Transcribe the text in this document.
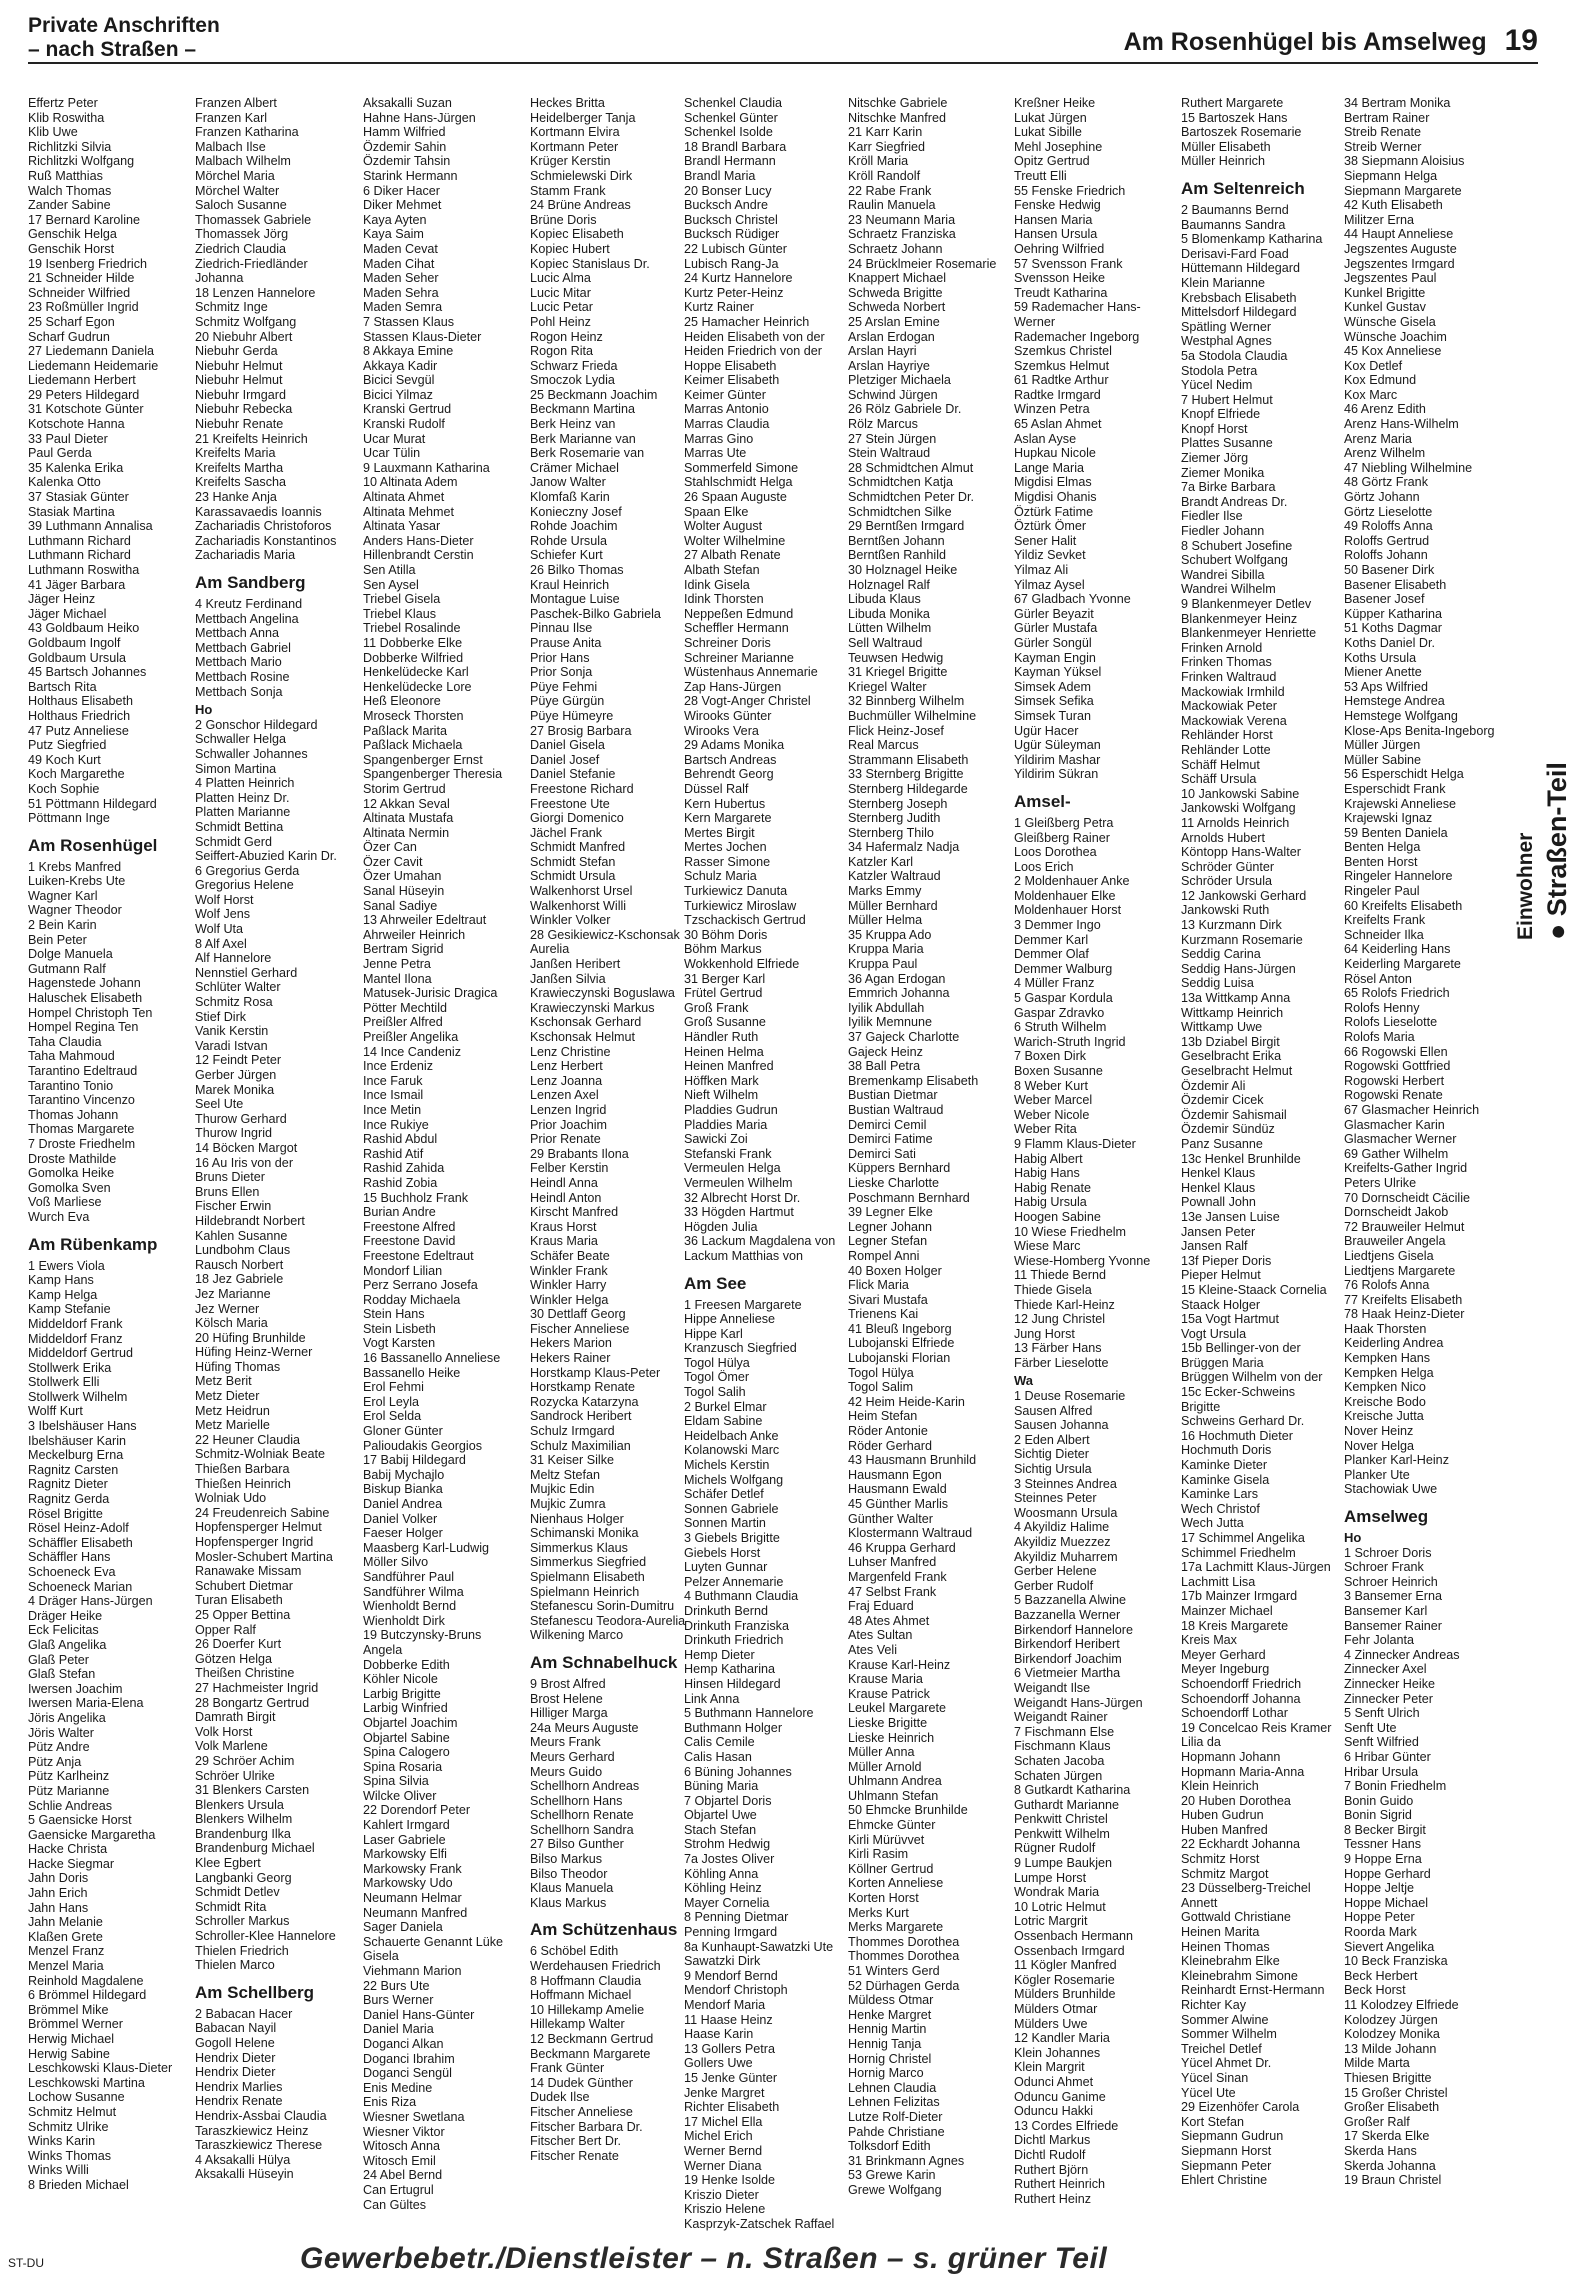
Private Anschriften
– nach Straßen –	Am Rosenhügel bis Amselweg 19
Effertz Peter
Klib Roswitha
Klib Uwe
Richlitzki Silvia
Richlitzki Wolfgang
Ruß Matthias
Walch Thomas
Zander Sabine
17 Bernard Karoline
Genschik Helga
Genschik Horst
19 Isenberg Friedrich
21 Schneider Hilde
Schneider Wilfried
23 Roßmüller Ingrid
25 Scharf Egon
Scharf Gudrun
27 Liedemann Daniela
Liedemann Heidemarie
Liedemann Herbert
29 Peters Hildegard
31 Kotschote Günter
Kotschote Hanna
33 Paul Dieter
Paul Gerda
35 Kalenka Erika
Kalenka Otto
37 Stasiak Günter
Stasiak Martina
39 Luthmann Annalisa
Luthmann Richard
Luthmann Richard
Luthmann Roswitha
41 Jäger Barbara
Jäger Heinz
Jäger Michael
43 Goldbaum Heiko
Goldbaum Ingolf
Goldbaum Ursula
45 Bartsch Johannes
Bartsch Rita
Holthaus Elisabeth
Holthaus Friedrich
47 Putz Anneliese
Putz Siegfried
49 Koch Kurt
Koch Margarethe
Koch Sophie
51 Pöttmann Hildegard
Pöttmann Inge
Am Rosenhügel
1 Krebs Manfred
Luiken-Krebs Ute
Wagner Karl
Wagner Theodor
2 Bein Karin
Bein Peter
Dolge Manuela
Gutmann Ralf
Hagenstede Johann
Haluschek Elisabeth
Hompel Christoph Ten
Hompel Regina Ten
Taha Claudia
Taha Mahmoud
Tarantino Edeltraud
Tarantino Tonio
Tarantino Vincenzo
Thomas Johann
Thomas Margarete
7 Droste Friedhelm
Droste Mathilde
Gomolka Heike
Gomolka Sven
Voß Marliese
Wurch Eva
Am Rübenkamp
1 Ewers Viola
Kamp Hans
Kamp Helga
Kamp Stefanie
Middeldorf Frank
Middeldorf Franz
Middeldorf Gertrud
Stollwerk Erika
Stollwerk Elli
Stollwerk Wilhelm
Wolff Kurt
3 Ibelshäuser Hans
Ibelshäuser Karin
Meckelburg Erna
Ragnitz Carsten
Ragnitz Dieter
Ragnitz Gerda
Rösel Brigitte
Rösel Heinz-Adolf
Schäffler Elisabeth
Schäffler Hans
Schoeneck Eva
Schoeneck Marian
4 Dräger Hans-Jürgen
Dräger Heike
Eck Felicitas
Glaß Angelika
Glaß Peter
Glaß Stefan
Iwersen Joachim
Iwersen Maria-Elena
Jöris Angelika
Jöris Walter
Pütz Andre
Pütz Anja
Pütz Karlheinz
Pütz Marianne
Schlie Andreas
5 Gaensicke Horst
Gaensicke Margaretha
Hacke Christa
Hacke Siegmar
Jahn Doris
Jahn Erich
Jahn Hans
Jahn Melanie
Klaßen Grete
Menzel Franz
Menzel Maria
Reinhold Magdalene
6 Brömmel Hildegard
Brömmel Mike
Brömmel Werner
Herwig Michael
Herwig Sabine
Leschkowski Klaus-Dieter
Leschkowski Martina
Lochow Susanne
Schmitz Helmut
Schmitz Ulrike
Winks Karin
Winks Thomas
Winks Willi
8 Brieden Michael
Franzen Albert
Franzen Karl
Franzen Katharina
Malbach Ilse
Malbach Wilhelm
Mörchel Maria
Mörchel Walter
Saloch Susanne
Thomassek Gabriele
Thomassek Jörg
Ziedrich Claudia
Ziedrich-Friedländer
Johanna
18 Lenzen Hannelore
Schmitz Inge
Schmitz Wolfgang
20 Niebuhr Albert
Niebuhr Gerda
Niebuhr Helmut
Niebuhr Helmut
Niebuhr Irmgard
Niebuhr Rebecka
Niebuhr Renate
21 Kreifelts Heinrich
Kreifelts Maria
Kreifelts Martha
Kreifelts Sascha
23 Hanke Anja
Karassavaedis Ioannis
Zachariadis Christoforos
Zachariadis Konstantinos
Zachariadis Maria
Am Sandberg
4 Kreutz Ferdinand
Mettbach Angelina
Mettbach Anna
Mettbach Gabriel
Mettbach Mario
Mettbach Rosine
Mettbach Sonja
Ho
2 Gonschor Hildegard
Schwaller Helga
Schwaller Johannes
Simon Martina
4 Platten Heinrich
Platten Heinz Dr.
Platten Marianne
Schmidt Bettina
Schmidt Gerd
Seiffert-Abuzied Karin Dr.
6 Gregorius Gerda
Gregorius Helene
Wolf Horst
Wolf Jens
Wolf Uta
8 Alf Axel
Alf Hannelore
Nennstiel Gerhard
Schlüter Walter
Schmitz Rosa
Stief Dirk
Vanik Kerstin
Varadi Istvan
12 Feindt Peter
Gerber Jürgen
Marek Monika
Seel Ute
Thurow Gerhard
Thurow Ingrid
14 Böcken Margot
16 Au Iris von der
Bruns Dieter
Bruns Ellen
Fischer Erwin
Hildebrandt Norbert
Kahlen Susanne
Lundbohm Claus
Rausch Norbert
18 Jez Gabriele
Jez Marianne
Jez Werner
Kölsch Maria
20 Hüfing Brunhilde
Hüfing Heinz-Werner
Hüfing Thomas
Metz Berit
Metz Dieter
Metz Heidrun
Metz Marielle
22 Heuner Claudia
Schmitz-Wolniak Beate
Thießen Barbara
Thießen Heinrich
Wolniak Udo
24 Freudenreich Sabine
Hopfensperger Helmut
Hopfensperger Ingrid
Mosler-Schubert Martina
Ranawake Missam
Schubert Dietmar
Turan Elisabeth
25 Opper Bettina
Opper Ralf
26 Doerfer Kurt
Götzen Helga
Theißen Christine
27 Hachmeister Ingrid
28 Bongartz Gertrud
Damrath Birgit
Volk Horst
Volk Marlene
29 Schröer Achim
Schröer Ulrike
31 Blenkers Carsten
Blenkers Ursula
Blenkers Wilhelm
Brandenburg Ilka
Brandenburg Michael
Klee Egbert
Langbanki Georg
Schmidt Detlev
Schmidt Rita
Schroller Markus
Schroller-Klee Hannelore
Thielen Friedrich
Thielen Marco
Am Schellberg
2 Babacan Hacer
Babacan Nayil
Gogoll Helene
Hendrix Dieter
Hendrix Dieter
Hendrix Marlies
Hendrix Renate
Hendrix-Assbai Claudia
Taraszkiewicz Heinz
Taraszkiewicz Therese
4 Aksakalli Hülya
Aksakalli Hüseyin
Aksakalli Suzan
Hahne Hans-Jürgen
Hamm Wilfried
Özdemir Sahin
Özdemir Tahsin
Starink Hermann
6 Diker Hacer
Diker Mehmet
Kaya Ayten
Kaya Saim
Maden Cevat
Maden Cihat
Maden Seher
Maden Sehra
Maden Semra
7 Stassen Klaus
Stassen Klaus-Dieter
8 Akkaya Emine
Akkaya Kadir
Bicici Sevgül
Bicici Yilmaz
Kranski Gertrud
Kranski Rudolf
Ucar Murat
Ucar Tülin
9 Lauxmann Katharina
10 Altinata Adem
Altinata Ahmet
Altinata Mehmet
Altinata Yasar
Anders Hans-Dieter
Hillenbrandt Cerstin
Sen Atilla
Sen Aysel
Triebel Gisela
Triebel Klaus
Triebel Rosalinde
11 Dobberke Elke
Dobberke Wilfried
Henkelüdecke Karl
Henkelüdecke Lore
Heß Eleonore
Mroseck Thorsten
Paßlack Marita
Paßlack Michaela
Spangenberger Ernst
Spangenberger Theresia
Storim Gertrud
12 Akkan Seval
Altinata Mustafa
Altinata Nermin
Özer Can
Özer Cavit
Özer Umahan
Sanal Hüseyin
Sanal Sadiye
13 Ahrweiler Edeltraut
Ahrweiler Heinrich
Bertram Sigrid
Jenne Petra
Mantel Ilona
Matusek-Jurisic Dragica
Pötter Mechtild
Preißler Alfred
Preißler Angelika
14 Ince Candeniz
Ince Erdeniz
Ince Faruk
Ince Ismail
Ince Metin
Ince Rukiye
Rashid Abdul
Rashid Atif
Rashid Zahida
Rashid Zobia
15 Buchholz Frank
Burian Andre
Freestone Alfred
Freestone David
Freestone Edeltraut
Mondorf Lilian
Perz Serrano Josefa
Rodday Michaela
Stein Hans
Stein Lisbeth
Vogt Karsten
16 Bassanello Anneliese
Bassanello Heike
Erol Fehmi
Erol Leyla
Erol Selda
Gloner Günter
Palioudakis Georgios
17 Babij Hildegard
Babij Mychajlo
Biskup Bianka
Daniel Andrea
Daniel Volker
Faeser Holger
Maasberg Karl-Ludwig
Möller Silvo
Sandführer Paul
Sandführer Wilma
Wienholdt Bernd
Wienholdt Dirk
19 Butczynsky-Bruns
Angela
Dobberke Edith
Köhler Nicole
Larbig Brigitte
Larbig Winfried
Objartel Joachim
Objartel Sabine
Spina Calogero
Spina Rosaria
Spina Silvia
Wilcke Oliver
22 Dorendorf Peter
Kahlert Irmgard
Laser Gabriele
Markowsky Elfi
Markowsky Frank
Markowsky Udo
Neumann Helmar
Neumann Manfred
Sager Daniela
Schauerte Genannt Lüke
Gisela
Viehmann Marion
22 Burs Ute
Burs Werner
Daniel Hans-Günter
Daniel Maria
Doganci Alkan
Doganci Ibrahim
Doganci Sengül
Enis Medine
Enis Riza
Wiesner Swetlana
Wiesner Viktor
Witosch Anna
Witosch Emil
24 Abel Bernd
Can Ertugrul
Can Gültes
Heckes Britta
Heidelberger Tanja
Kortmann Elvira
Kortmann Peter
Krüger Kerstin
Schmielewski Dirk
Stamm Frank
24 Brüne Andreas
Brüne Doris
Kopiec Elisabeth
Kopiec Hubert
Kopiec Stanislaus Dr.
Lucic Alma
Lucic Mitar
Lucic Petar
Pohl Heinz
Rogon Heinz
Rogon Rita
Schwarz Frieda
Smoczok Lydia
25 Beckmann Joachim
Beckmann Martina
Berk Heinz van
Berk Marianne van
Berk Rosemarie van
Crämer Michael
Janow Walter
Klomfaß Karin
Konieczny Josef
Rohde Joachim
Rohde Ursula
Schiefer Kurt
26 Bilko Thomas
Kraul Heinrich
Montague Luise
Paschek-Bilko Gabriela
Pinnau Ilse
Prause Anita
Prior Hans
Prior Sonja
Püye Fehmi
Püye Gürgün
Püye Hümeyre
27 Brosig Barbara
Daniel Gisela
Daniel Josef
Daniel Stefanie
Freestone Richard
Freestone Ute
Giorgi Domenico
Jächel Frank
Schmidt Manfred
Schmidt Stefan
Schmidt Ursula
Walkenhorst Ursel
Walkenhorst Willi
Winkler Volker
28 Gesikiewicz-Kschonsak
Aurelia
Janßen Heribert
Janßen Silvia
Krawieczynski Boguslawa
Krawieczynski Markus
Kschonsak Gerhard
Kschonsak Helmut
Lenz Christine
Lenz Herbert
Lenz Joanna
Lenzen Axel
Lenzen Ingrid
Prior Joachim
Prior Renate
29 Brabants Ilona
Felber Kerstin
Heindl Anna
Heindl Anton
Kirscht Manfred
Kraus Horst
Kraus Maria
Schäfer Beate
Winkler Frank
Winkler Harry
Winkler Helga
30 Dettlaff Georg
Fischer Anneliese
Hekers Marion
Hekers Rainer
Horstkamp Klaus-Peter
Horstkamp Renate
Rozycka Katarzyna
Sandrock Heribert
Schulz Irmgard
Schulz Maximilian
31 Keiser Silke
Meltz Stefan
Mujkic Edin
Mujkic Zumra
Nienhaus Holger
Schimanski Monika
Simmerkus Klaus
Simmerkus Siegfried
Spielmann Elisabeth
Spielmann Heinrich
Stefanescu Sorin-Dumitru
Stefanescu Teodora-Aurelia
Wilkening Marco
Am Schnabelhuck
9 Brost Alfred
Brost Helene
Hilliger Marga
24a Meurs Auguste
Meurs Frank
Meurs Gerhard
Meurs Guido
Schellhorn Andreas
Schellhorn Hans
Schellhorn Renate
Schellhorn Sandra
27 Bilso Gunther
Bilso Markus
Bilso Theodor
Klaus Manuela
Klaus Markus
Am Schützenhaus
6 Schöbel Edith
Werdehausen Friedrich
8 Hoffmann Claudia
Hoffmann Michael
10 Hillekamp Amelie
Hillekamp Walter
12 Beckmann Gertrud
Beckmann Margarete
Frank Günter
14 Dudek Günther
Dudek Ilse
Fitscher Anneliese
Fitscher Barbara Dr.
Fitscher Bert Dr.
Fitscher Renate
Schenkel Claudia
Schenkel Günter
Schenkel Isolde
18 Brandl Barbara
Brandl Hermann
Brandl Maria
20 Bonser Lucy
Bucksch Andre
Bucksch Christel
Bucksch Rüdiger
22 Lubisch Günter
Lubisch Rang-Ja
24 Kurtz Hannelore
Kurtz Peter-Heinz
Kurtz Rainer
25 Hamacher Heinrich
Heiden Elisabeth von der
Heiden Friedrich von der
Hoppe Elisabeth
Keimer Elisabeth
Keimer Günter
Marras Antonio
Marras Claudia
Marras Gino
Marras Ute
Sommerfeld Simone
Stahlschmidt Helga
26 Spaan Auguste
Spaan Elke
Wolter August
Wolter Wilhelmine
27 Albath Renate
Albath Stefan
Idink Gisela
Idink Thorsten
Neppeßen Edmund
Scheffler Hermann
Schreiner Doris
Schreiner Marianne
Wüstenhaus Annemarie
Zap Hans-Jürgen
28 Vogt-Anger Christel
Wirooks Günter
Wirooks Vera
29 Adams Monika
Bartsch Andreas
Behrendt Georg
Düssel Ralf
Kern Hubertus
Kern Margarete
Mertes Birgit
Mertes Jochen
Rasser Simone
Schulz Maria
Turkiewicz Danuta
Turkiewicz Miroslaw
Tzschackisch Gertrud
30 Böhm Doris
Böhm Markus
Wokkenhold Elfriede
31 Berger Karl
Frütel Gertrud
Groß Frank
Groß Susanne
Händler Ruth
Heinen Helma
Heinen Manfred
Höffken Mark
Nieft Wilhelm
Pladdies Gudrun
Pladdies Maria
Sawicki Zoi
Stefanski Frank
Vermeulen Helga
Vermeulen Wilhelm
32 Albrecht Horst Dr.
33 Högden Hartmut
Högden Julia
36 Lackum Magdalena von
Lackum Matthias von
Am See
1 Freesen Margarete
Hippe Anneliese
Hippe Karl
Kranzusch Siegfried
Togol Hülya
Togol Ömer
Togol Salih
2 Burkel Elmar
Eldam Sabine
Heidelbach Anke
Kolanowski Marc
Michels Kerstin
Michels Wolfgang
Schäfer Detlef
Sonnen Gabriele
Sonnen Martin
3 Giebels Brigitte
Giebels Horst
Luyten Gunnar
Pelzer Annemarie
4 Buthmann Claudia
Drinkuth Bernd
Drinkuth Franziska
Drinkuth Friedrich
Hemp Dieter
Hemp Katharina
Hinsen Hildegard
Link Anna
5 Buthmann Hannelore
Buthmann Holger
Calis Cemile
Calis Hasan
6 Büning Johannes
Büning Maria
7 Objartel Doris
Objartel Uwe
Stach Stefan
Strohm Hedwig
7a Jostes Oliver
Köhling Anna
Köhling Heinz
Mayer Cornelia
8 Penning Dietmar
Penning Irmgard
8a Kunhaupt-Sawatzki Ute
Sawatzki Dirk
9 Mendorf Bernd
Mendorf Christoph
Mendorf Maria
11 Haase Heinz
Haase Karin
13 Gollers Petra
Gollers Uwe
15 Jenke Günter
Jenke Margret
Richter Elisabeth
17 Michel Ella
Michel Erich
Werner Bernd
Werner Diana
19 Henke Isolde
Kriszio Dieter
Kriszio Helene
Kasprzyk-Zatschek Raffael
Nitschke Gabriele
Nitschke Manfred
21 Karr Karin
Karr Siegfried
Kröll Maria
Kröll Randolf
22 Rabe Frank
Raulin Manuela
23 Neumann Maria
Schraetz Franziska
Schraetz Johann
24 Brücklmeier Rosemarie
Knappert Michael
Schweda Brigitte
Schweda Norbert
25 Arslan Emine
Arslan Erdogan
Arslan Hayri
Arslan Hayriye
Pletziger Michaela
Schwind Jürgen
26 Rölz Gabriele Dr.
Rölz Marcus
27 Stein Jürgen
Stein Waltraud
28 Schmidtchen Almut
Schmidtchen Katja
Schmidtchen Peter Dr.
Schmidtchen Silke
29 Berntßen Irmgard
Berntßen Johann
Berntßen Ranhild
30 Holznagel Heike
Holznagel Ralf
Libuda Klaus
Libuda Monika
Lütten Wilhelm
Sell Waltraud
Teuwsen Hedwig
31 Kriegel Brigitte
Kriegel Walter
32 Binnberg Wilhelm
Buchmüller Wilhelmine
Flick Heinz-Josef
Real Marcus
Strammann Elisabeth
33 Sternberg Brigitte
Sternberg Hildegarde
Sternberg Joseph
Sternberg Judith
Sternberg Thilo
34 Hafermalz Nadja
Katzler Karl
Katzler Waltraud
Marks Emmy
Müller Bernhard
Müller Helma
35 Kruppa Ado
Kruppa Maria
Kruppa Paul
36 Agan Erdogan
Emmrich Johanna
Iyilik Abdullah
Iyilik Memnune
37 Gajeck Charlotte
Gajeck Heinz
38 Ball Petra
Bremenkamp Elisabeth
Bustian Dietmar
Bustian Waltraud
Demirci Cemil
Demirci Fatime
Demirci Sati
Küppers Bernhard
Lieske Charlotte
Poschmann Bernhard
39 Legner Elke
Legner Johann
Legner Stefan
Rompel Anni
40 Boxen Holger
Flick Maria
Sivari Mustafa
Trienens Kai
41 Bleuß Ingeborg
Lubojanski Elfriede
Lubojanski Florian
Togol Hülya
Togol Salim
42 Heim Heide-Karin
Heim Stefan
Röder Antonie
Röder Gerhard
43 Hausmann Brunhild
Hausmann Egon
Hausmann Ewald
45 Günther Marlis
Günther Walter
Klostermann Waltraud
46 Kruppa Gerhard
Luhser Manfred
Margenfeld Frank
47 Selbst Frank
Fraj Eduard
48 Ates Ahmet
Ates Sultan
Ates Veli
Krause Karl-Heinz
Krause Maria
Krause Patrick
Leukel Margarete
Lieske Brigitte
Lieske Heinrich
Müller Anna
Müller Arnold
Uhlmann Andrea
Uhlmann Stefan
50 Ehmcke Brunhilde
Ehmcke Günter
Kirli Mürüvvet
Kirli Rasim
Köllner Gertrud
Korten Anneliese
Korten Horst
Merks Kurt
Merks Margarete
Thommes Dorothea
Thommes Dorothea
51 Winters Gerd
52 Dürhagen Gerda
Müldess Otmar
Henke Margret
Hennig Martin
Hennig Tanja
Hornig Christel
Hornig Marco
Lehnen Claudia
Lehnen Felizitas
Lutze Rolf-Dieter
Pahde Christiane
Tolksdorf Edith
31 Brinkmann Agnes
53 Grewe Karin
Grewe Wolfgang
Kreßner Heike
Lukat Jürgen
Lukat Sibille
Mehl Josephine
Opitz Gertrud
Treutt Elli
55 Fenske Friedrich
Fenske Hedwig
Hansen Maria
Hansen Ursula
Oehring Wilfried
57 Svensson Frank
Svensson Heike
Treudt Katharina
59 Rademacher Hans-
Werner
Rademacher Ingeborg
Szemkus Christel
Szemkus Helmut
61 Radtke Arthur
Radtke Irmgard
Winzen Petra
65 Aslan Ahmet
Aslan Ayse
Hupkau Nicole
Lange Maria
Migdisi Elmas
Migdisi Ohanis
Öztürk Fatime
Öztürk Ömer
Sener Halit
Yildiz Sevket
Yilmaz Ali
Yilmaz Aysel
67 Gladbach Yvonne
Gürler Beyazit
Gürler Mustafa
Gürler Songül
Kayman Engin
Kayman Yüksel
Simsek Adem
Simsek Sefika
Simsek Turan
Ugür Hacer
Ugür Süleyman
Yildirim Mashar
Yildirim Sükran
Amsel-
1 Gleißberg Petra
Gleißberg Rainer
Loos Dorothea
Loos Erich
2 Moldenhauer Anke
Moldenhauer Elke
Moldenhauer Horst
3 Demmer Ingo
Demmer Karl
Demmer Olaf
Demmer Walburg
4 Müller Franz
5 Gaspar Kordula
Gaspar Zdravko
6 Struth Wilhelm
Warich-Struth Ingrid
7 Boxen Dirk
Boxen Susanne
8 Weber Kurt
Weber Marcel
Weber Nicole
Weber Rita
9 Flamm Klaus-Dieter
Habig Albert
Habig Hans
Habig Renate
Habig Ursula
Hoogen Sabine
10 Wiese Friedhelm
Wiese Marc
Wiese-Homberg Yvonne
11 Thiede Bernd
Thiede Gisela
Thiede Karl-Heinz
12 Jung Christel
Jung Horst
13 Färber Hans
Färber Lieselotte
Wa
1 Deuse Rosemarie
Sausen Alfred
Sausen Johanna
2 Eden Albert
Sichtig Dieter
Sichtig Ursula
3 Steinnes Andrea
Steinnes Peter
Woosmann Ursula
4 Akyildiz Halime
Akyildiz Muezzez
Akyildiz Muharrem
Gerber Helene
Gerber Rudolf
5 Bazzanella Alwine
Bazzanella Werner
Birkendorf Hannelore
Birkendorf Heribert
Birkendorf Joachim
6 Vietmeier Martha
Weigandt Ilse
Weigandt Hans-Jürgen
Weigandt Rainer
7 Fischmann Else
Fischmann Klaus
Schaten Jacoba
Schaten Jürgen
8 Gutkardt Katharina
Guthardt Marianne
Penkwitt Christel
Penkwitt Wilhelm
Rügner Rudolf
9 Lumpe Baukjen
Lumpe Horst
Wondrak Maria
10 Lotric Helmut
Lotric Margrit
Ossenbach Hermann
Ossenbach Irmgard
11 Kögler Manfred
Kögler Rosemarie
Mülders Brunhilde
Mülders Otmar
Mülders Uwe
12 Kandler Maria
Klein Johannes
Klein Margrit
Odunci Ahmet
Oduncu Ganime
Oduncu Hakki
13 Cordes Elfriede
Dichtl Markus
Dichtl Rudolf
Ruthert Björn
Ruthert Heinrich
Ruthert Heinz
Ruthert Margarete
15 Bartoszek Hans
Bartoszek Rosemarie
Müller Elisabeth
Müller Heinrich
Am Seltenreich
2 Baumanns Bernd
Baumanns Sandra
5 Blomenkamp Katharina
Derisavi-Fard Foad
Hüttemann Hildegard
Klein Marianne
Krebsbach Elisabeth
Mittelsdorf Hildegard
Spätling Werner
Westphal Agnes
5a Stodola Claudia
Stodola Petra
Yücel Nedim
7 Hubert Helmut
Knopf Elfriede
Knopf Horst
Plattes Susanne
Ziemer Jörg
Ziemer Monika
7a Birke Barbara
Brandt Andreas Dr.
Fiedler Ilse
Fiedler Johann
8 Schubert Josefine
Schubert Wolfgang
Wandrei Sibilla
Wandrei Wilhelm
9 Blankenmeyer Detlev
Blankenmeyer Heinz
Blankenmeyer Henriette
Frinken Arnold
Frinken Thomas
Frinken Waltraud
Mackowiak Irmhild
Mackowiak Peter
Mackowiak Verena
Rehländer Horst
Rehländer Lotte
Schäff Helmut
Schäff Ursula
10 Jankowski Sabine
Jankowski Wolfgang
11 Arnolds Heinrich
Arnolds Hubert
Köntopp Hans-Walter
Schröder Günter
Schröder Ursula
12 Jankowski Gerhard
Jankowski Ruth
13 Kurzmann Dirk
Kurzmann Rosemarie
Seddig Carina
Seddig Hans-Jürgen
Seddig Luisa
13a Wittkamp Anna
Wittkamp Heinrich
Wittkamp Uwe
13b Dziabel Birgit
Geselbracht Erika
Geselbracht Helmut
Özdemir Ali
Özdemir Cicek
Özdemir Sahismail
Özdemir Sündüz
Panz Susanne
13c Henkel Brunhilde
Henkel Klaus
Henkel Klaus
Pownall John
13e Jansen Luise
Jansen Peter
Jansen Ralf
13f Pieper Doris
Pieper Helmut
15 Kleine-Staack Cornelia
Staack Holger
15a Vogt Hartmut
Vogt Ursula
15b Bellinger-von der
Brüggen Maria
Brüggen Wilhelm von der
15c Ecker-Schweins
Brigitte
Schweins Gerhard Dr.
16 Hochmuth Dieter
Hochmuth Doris
Kaminke Dieter
Kaminke Gisela
Kaminke Lars
Wech Christof
Wech Jutta
17 Schimmel Angelika
Schimmel Friedhelm
17a Lachmitt Klaus-Jürgen
Lachmitt Lisa
17b Mainzer Irmgard
Mainzer Michael
18 Kreis Margarete
Kreis Max
Meyer Gerhard
Meyer Ingeburg
Schoendorff Friedrich
Schoendorff Johanna
Schoendorff Lothar
19 Concelcao Reis Kramer
Lilia da
Hopmann Johann
Hopmann Maria-Anna
Klein Heinrich
20 Huben Dorothea
Huben Gudrun
Huben Manfred
22 Eckhardt Johanna
Schmitz Horst
Schmitz Margot
23 Düsselberg-Treichel
Annett
Gottwald Christiane
Heinen Marita
Heinen Thomas
Kleinebrahm Elke
Kleinebrahm Simone
Reinhardt Ernst-Hermann
Richter Kay
Sommer Alwine
Sommer Wilhelm
Treichel Detlef
Yücel Ahmet Dr.
Yücel Sinan
Yücel Ute
29 Eizenhöfer Carola
Kort Stefan
Siepmann Gudrun
Siepmann Horst
Siepmann Peter
Ehlert Christine
34 Bertram Monika
Bertram Rainer
Streib Renate
Streib Werner
38 Siepmann Aloisius
Siepmann Helga
Siepmann Margarete
42 Kuth Elisabeth
Militzer Erna
44 Haupt Anneliese
Jegszentes Auguste
Jegszentes Irmgard
Jegszentes Paul
Kunkel Brigitte
Kunkel Gustav
Wünsche Gisela
Wünsche Joachim
45 Kox Anneliese
Kox Detlef
Kox Edmund
Kox Marc
46 Arenz Edith
Arenz Hans-Wilhelm
Arenz Maria
Arenz Wilhelm
47 Niebling Wilhelmine
48 Görtz Frank
Görtz Johann
Görtz Lieselotte
49 Roloffs Anna
Roloffs Gertrud
Roloffs Johann
50 Basener Dirk
Basener Elisabeth
Basener Josef
Küpper Katharina
51 Koths Dagmar
Koths Daniel Dr.
Koths Ursula
Miener Anette
53 Aps Wilfried
Hemstege Andrea
Hemstege Wolfgang
Klose-Aps Benita-Ingeborg
Müller Jürgen
Müller Sabine
56 Esperschidt Helga
Esperschidt Frank
Krajewski Anneliese
Krajewski Ignaz
59 Benten Daniela
Benten Helga
Benten Horst
Ringeler Hannelore
Ringeler Paul
60 Kreifelts Elisabeth
Kreifelts Frank
Schneider Ilka
64 Keiderling Hans
Keiderling Margarete
Rösel Anton
65 Rolofs Friedrich
Rolofs Henny
Rolofs Lieselotte
Rolofs Maria
66 Rogowski Ellen
Rogowski Gottfried
Rogowski Herbert
Rogowski Renate
67 Glasmacher Heinrich
Glasmacher Karin
Glasmacher Werner
69 Gather Wilhelm
Kreifelts-Gather Ingrid
Peters Ulrike
70 Dornscheidt Cäcilie
Dornscheidt Jakob
72 Brauweiler Helmut
Brauweiler Angela
Liedtjens Gisela
Liedtjens Margarete
76 Rolofs Anna
77 Kreifelts Elisabeth
78 Haak Heinz-Dieter
Haak Thorsten
Keiderling Andrea
Kempken Hans
Kempken Helga
Kempken Nico
Kreische Bodo
Kreische Jutta
Nover Heinz
Nover Helga
Planker Karl-Heinz
Planker Ute
Stachowiak Uwe
Amselweg
Ho
1 Schroer Doris
Schroer Frank
Schroer Heinrich
3 Bansemer Erna
Bansemer Karl
Bansemer Rainer
Fehr Jolanta
4 Zinnecker Andreas
Zinnecker Axel
Zinnecker Heike
Zinnecker Peter
5 Senft Ulrich
Senft Ute
Senft Wilfried
6 Hribar Günter
Hribar Ursula
7 Bonin Friedhelm
Bonin Guido
Bonin Sigrid
8 Becker Birgit
Tessner Hans
9 Hoppe Erna
Hoppe Gerhard
Hoppe Jeltje
Hoppe Michael
Hoppe Peter
Roorda Mark
Sievert Angelika
10 Beck Franziska
Beck Herbert
Beck Horst
11 Kolodzey Elfriede
Kolodzey Jürgen
Kolodzey Monika
13 Milde Johann
Milde Marta
Thiesen Brigitte
15 Großer Christel
Großer Elisabeth
Großer Ralf
17 Skerda Elke
Skerda Hans
Skerda Johanna
19 Braun Christel
Einwohner ● Straßen-Teil
ST-DU	Gewerbebetr./Dienstleister – n. Straßen – s. grüner Teil
